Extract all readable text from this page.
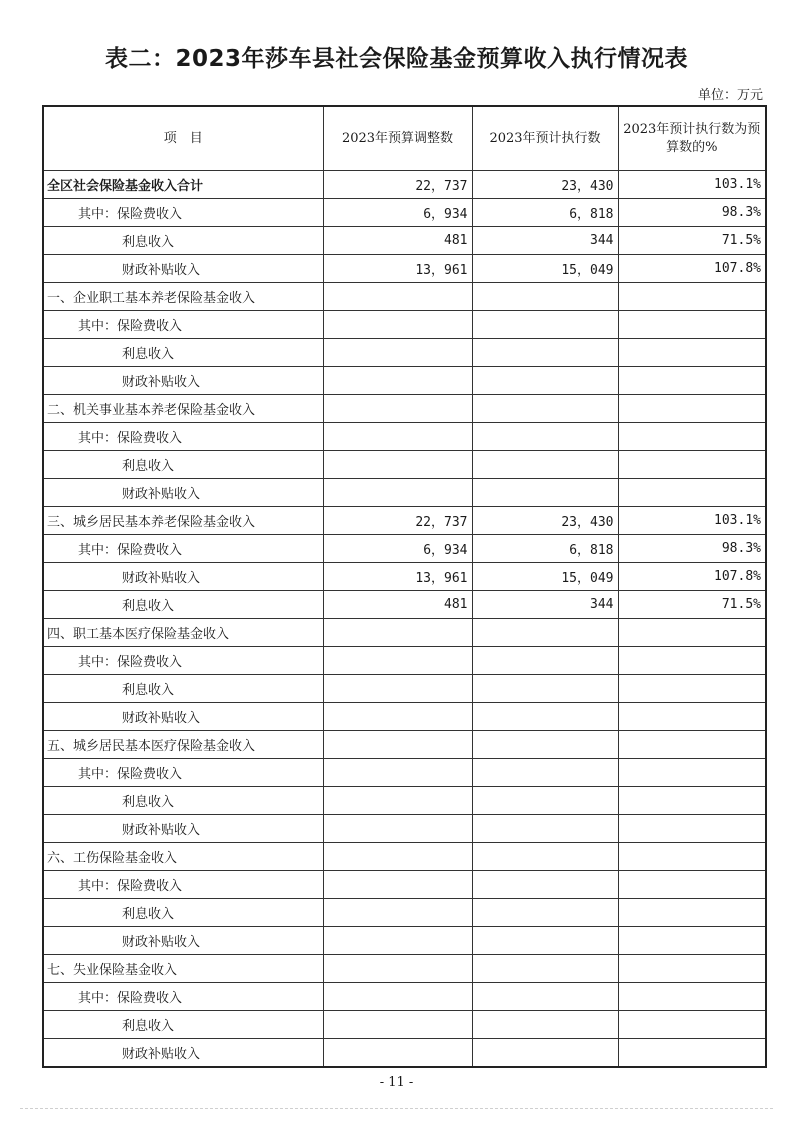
表二：2023年莎车县社会保险基金预算收入执行情况表
单位：万元
项　目	2023年预算调整数	2023年预计执行数	2023年预计执行数为预算数的%
全区社会保险基金收入合计	22，737	23，430	103.1%
其中：保险费收入	6，934	6，818	98.3%
利息收入	481	344	71.5%
财政补贴收入	13，961	15，049	107.8%
一、企业职工基本养老保险基金收入			
其中：保险费收入			
利息收入			
财政补贴收入			
二、机关事业基本养老保险基金收入			
其中：保险费收入			
利息收入			
财政补贴收入			
三、城乡居民基本养老保险基金收入	22，737	23，430	103.1%
其中：保险费收入	6，934	6，818	98.3%
财政补贴收入	13，961	15，049	107.8%
利息收入	481	344	71.5%
四、职工基本医疗保险基金收入			
其中：保险费收入			
利息收入			
财政补贴收入			
五、城乡居民基本医疗保险基金收入			
其中：保险费收入			
利息收入			
财政补贴收入			
六、工伤保险基金收入			
其中：保险费收入			
利息收入			
财政补贴收入			
七、失业保险基金收入			
其中：保险费收入			
利息收入			
财政补贴收入			
- 11 -
